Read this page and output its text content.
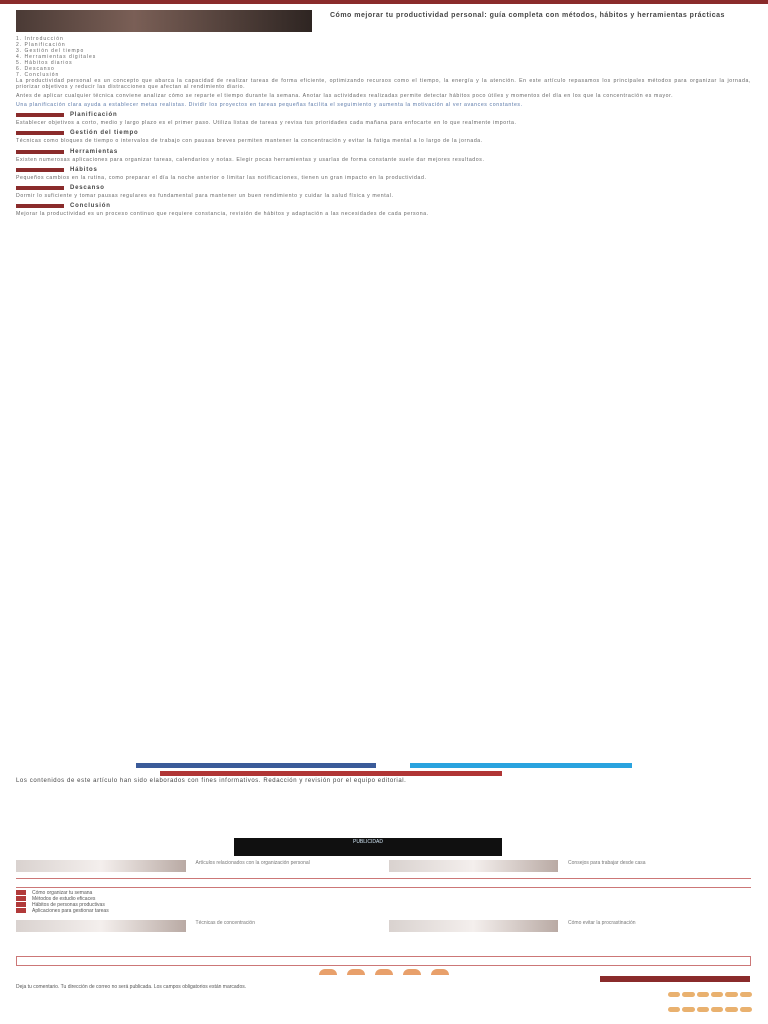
Cómo mejorar tu productividad personal: guía completa con métodos, hábitos y herramientas prácticas
1. Introducción
2. Planificación
3. Gestión del tiempo
4. Herramientas digitales
5. Hábitos diarios
6. Descanso
7. Conclusión

La productividad personal es un concepto que abarca la capacidad de realizar tareas de forma eficiente, optimizando recursos como el tiempo, la energía y la atención. En este artículo repasamos los principales métodos para organizar la jornada, priorizar objetivos y reducir las distracciones que afectan al rendimiento diario.

Antes de aplicar cualquier técnica conviene analizar cómo se reparte el tiempo durante la semana. Anotar las actividades realizadas permite detectar hábitos poco útiles y momentos del día en los que la concentración es mayor.

Una planificación clara ayuda a establecer metas realistas. Dividir los proyectos en tareas pequeñas facilita el seguimiento y aumenta la motivación al ver avances constantes.

Planificación

Establecer objetivos a corto, medio y largo plazo es el primer paso. Utiliza listas de tareas y revisa tus prioridades cada mañana para enfocarte en lo que realmente importa.

Gestión del tiempo

Técnicas como bloques de tiempo o intervalos de trabajo con pausas breves permiten mantener la concentración y evitar la fatiga mental a lo largo de la jornada.

Herramientas

Existen numerosas aplicaciones para organizar tareas, calendarios y notas. Elegir pocas herramientas y usarlas de forma constante suele dar mejores resultados.

Hábitos

Pequeños cambios en la rutina, como preparar el día la noche anterior o limitar las notificaciones, tienen un gran impacto en la productividad.

Descanso

Dormir lo suficiente y tomar pausas regulares es fundamental para mantener un buen rendimiento y cuidar la salud física y mental.

Conclusión

Mejorar la productividad es un proceso continuo que requiere constancia, revisión de hábitos y adaptación a las necesidades de cada persona.

Los contenidos de este artículo han sido elaborados con fines informativos. Redacción y revisión por el equipo editorial.
PUBLICIDAD
Artículos relacionados con la organización personal	Consejos para trabajar desde casa
Cómo organizar tu semana
Métodos de estudio eficaces
Hábitos de personas productivas
Aplicaciones para gestionar tareas
Técnicas de concentración	Cómo evitar la procrastinación
Deja tu comentario. Tu dirección de correo no será publicada. Los campos obligatorios están marcados.
